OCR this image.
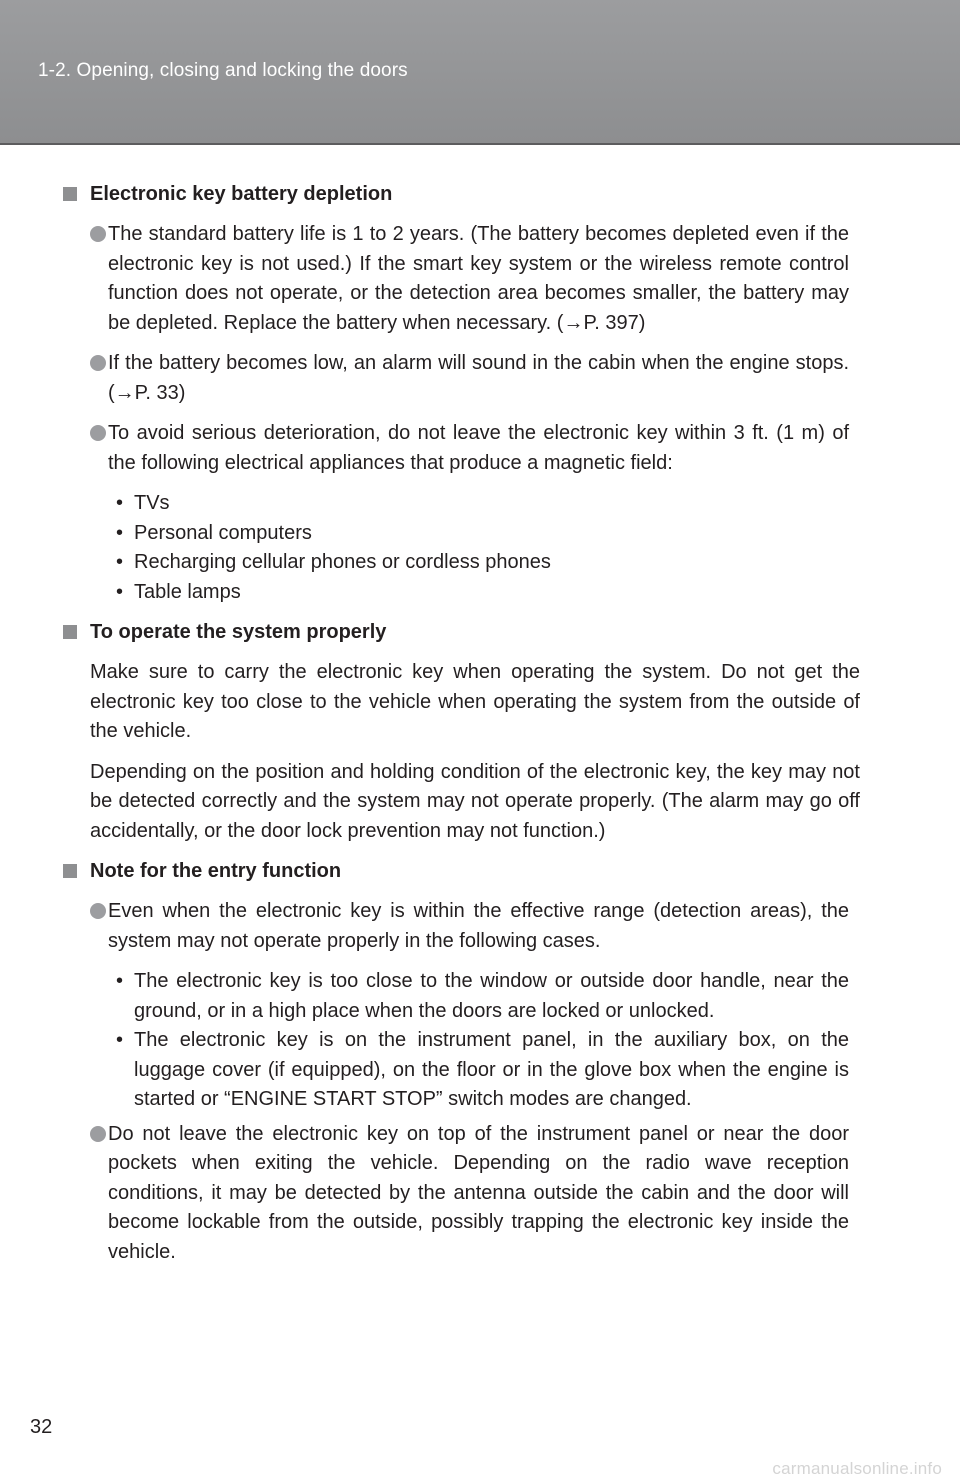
1-2. Opening, closing and locking the doors
Electronic key battery depletion

The standard battery life is 1 to 2 years. (The battery becomes depleted even if the electronic key is not used.) If the smart key system or the wireless remote control function does not operate, or the detection area becomes smaller, the battery may be depleted. Replace the battery when necessary. (→P. 397)

If the battery becomes low, an alarm will sound in the cabin when the engine stops. (→P. 33)

To avoid serious deterioration, do not leave the electronic key within 3 ft. (1 m) of the following electrical appliances that produce a magnetic field:

• TVs
• Personal computers
• Recharging cellular phones or cordless phones
• Table lamps
To operate the system properly

Make sure to carry the electronic key when operating the system. Do not get the electronic key too close to the vehicle when operating the system from the outside of the vehicle.

Depending on the position and holding condition of the electronic key, the key may not be detected correctly and the system may not operate properly. (The alarm may go off accidentally, or the door lock prevention may not function.)

Note for the entry function

Even when the electronic key is within the effective range (detection areas), the system may not operate properly in the following cases.

• The electronic key is too close to the window or outside door handle, near the ground, or in a high place when the doors are locked or unlocked.
• The electronic key is on the instrument panel, in the auxiliary box, on the luggage cover (if equipped), on the floor or in the glove box when the engine is started or “ENGINE START STOP” switch modes are changed.

Do not leave the electronic key on top of the instrument panel or near the door pockets when exiting the vehicle. Depending on the radio wave reception conditions, it may be detected by the antenna outside the cabin and the door will become lockable from the outside, possibly trapping the electronic key inside the vehicle.

32
carmanualsonline.info
